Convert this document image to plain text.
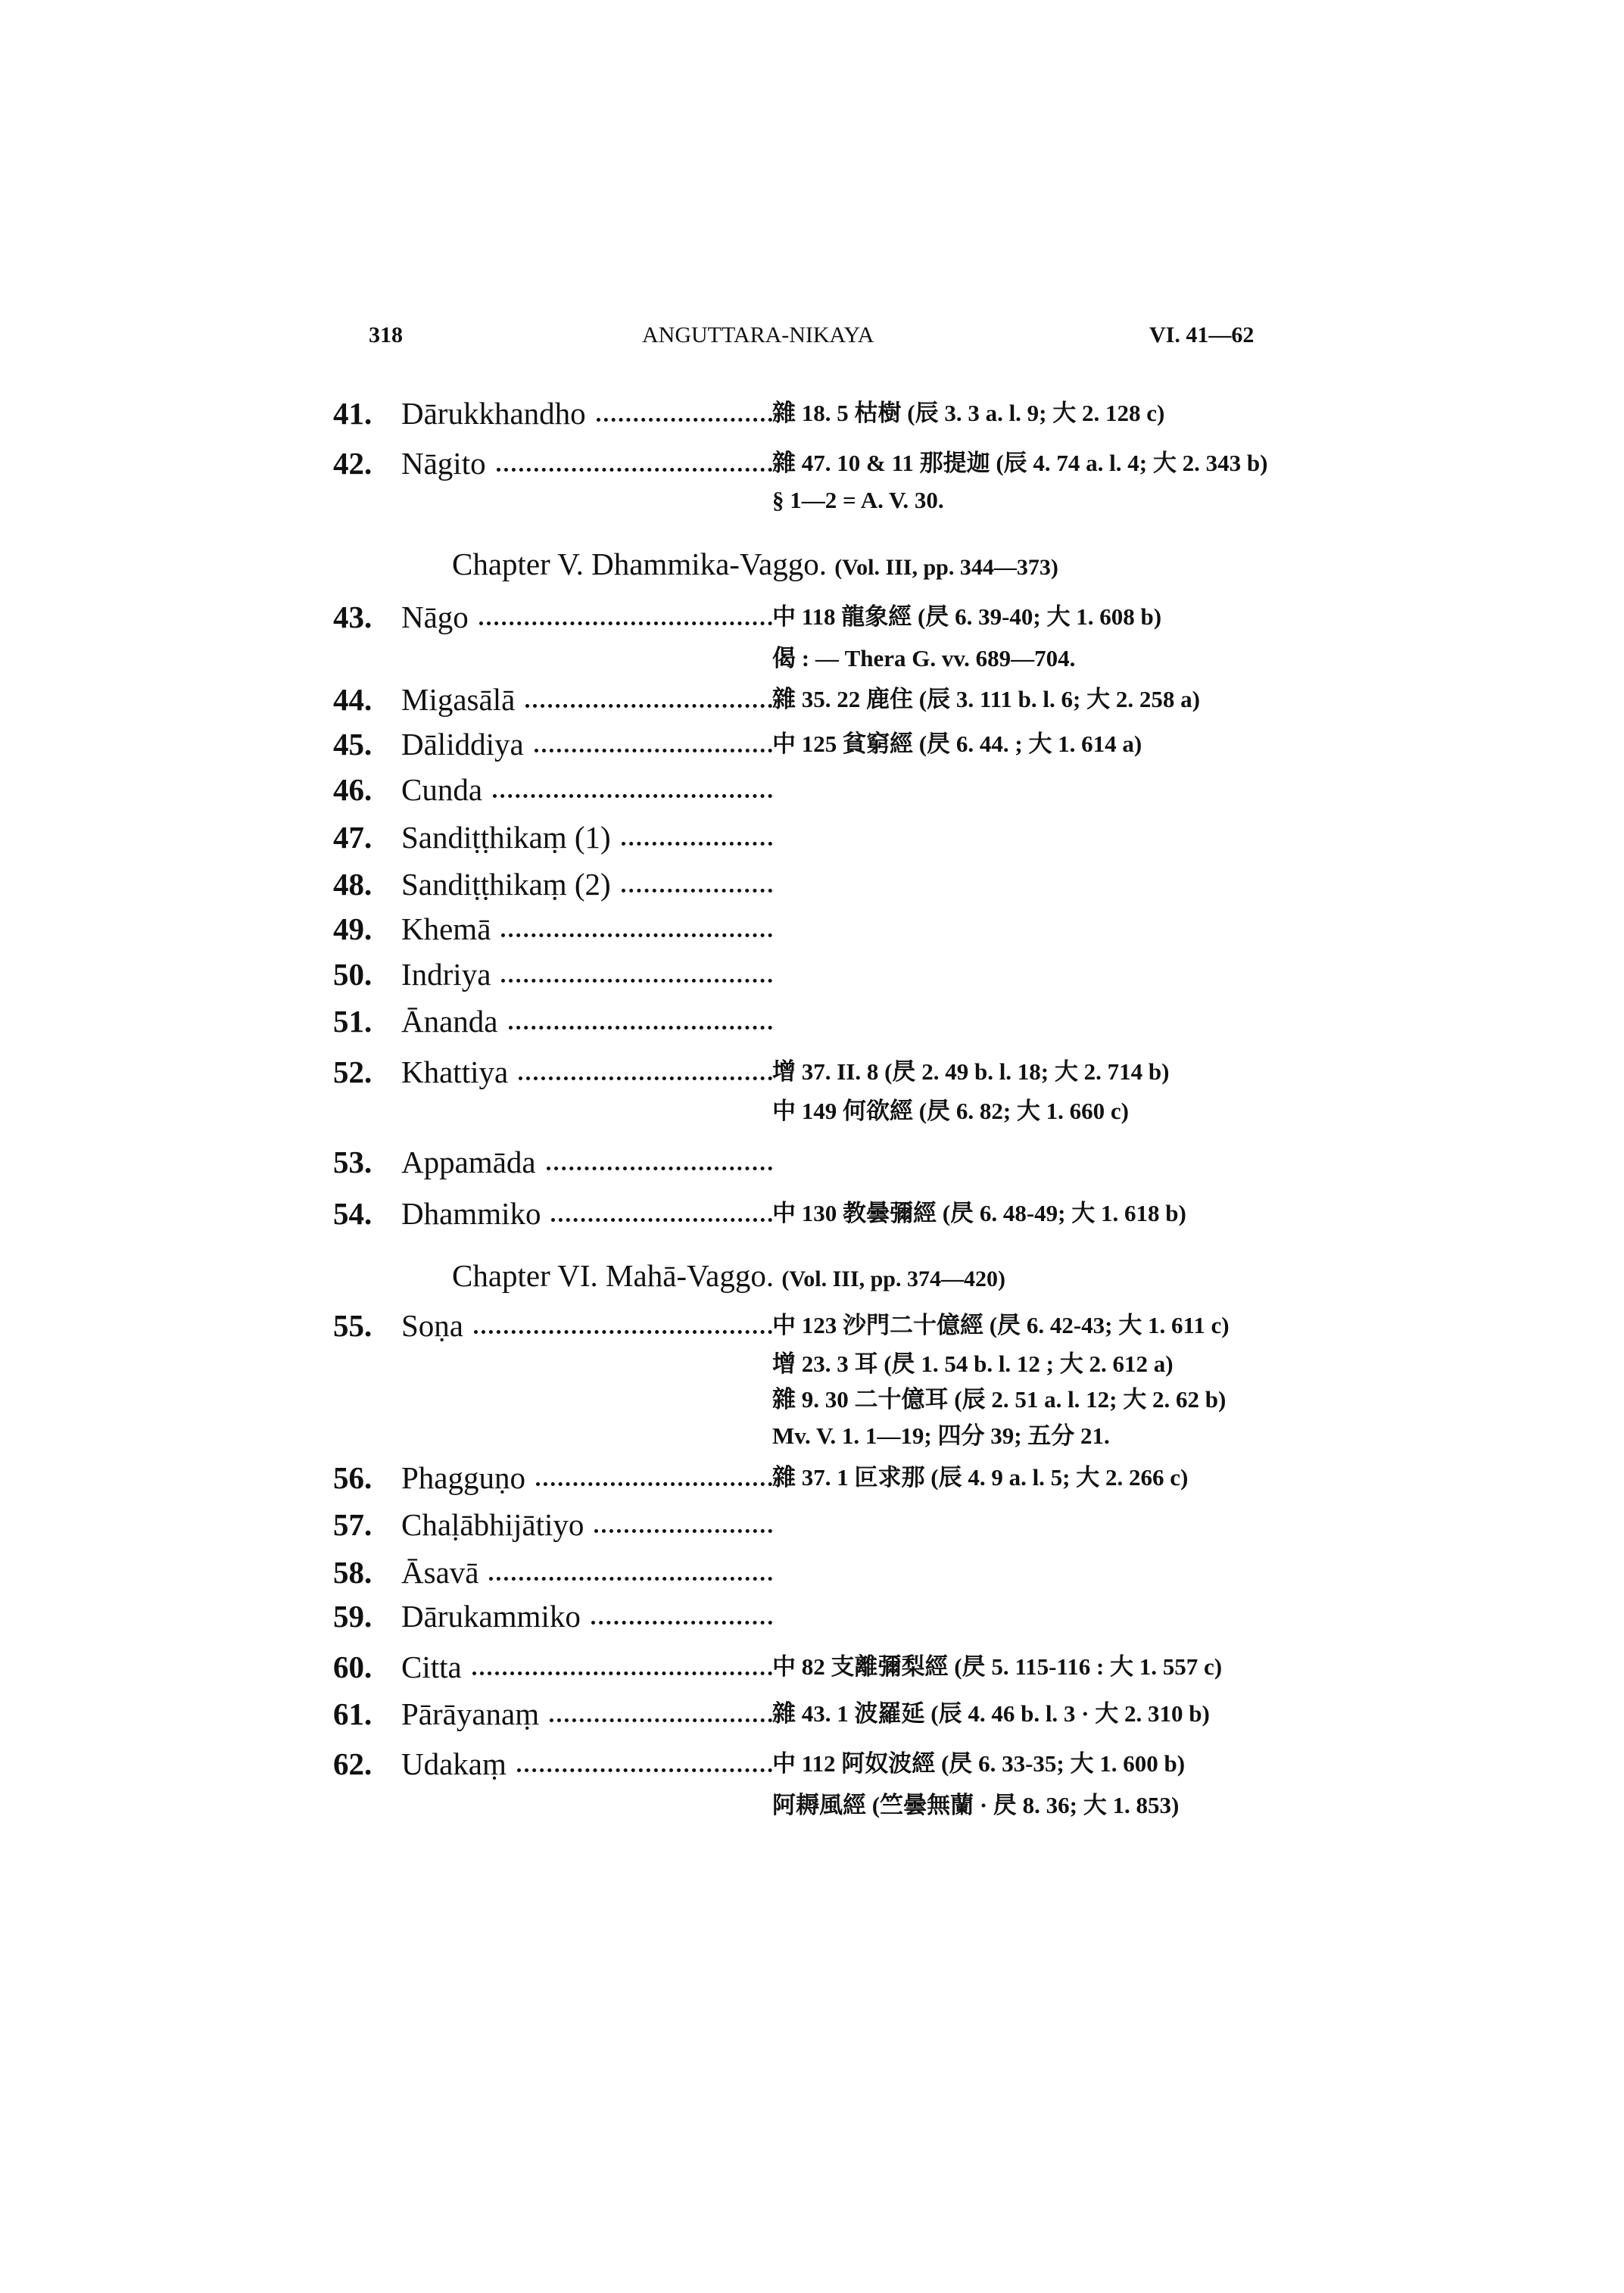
318	ANGUTTARA-NIKAYA	VI. 41—62
41. Dārukkhandho	雜 18. 5 枯樹 (辰 3. 3 a. l. 9; 大 2. 128 c)
42. Nāgito	雜 47. 10 & 11 那提迦 (辰 4. 74 a. l. 4; 大 2. 343 b)
§ 1—2 = A. V. 30.
Chapter V. Dhammika-Vaggo. (Vol. III, pp. 344—373)
43. Nāgo	中 118 龍象經 (昃 6. 39-40; 大 1. 608 b)
偈 : — Thera G. vv. 689—704.
44. Migasālā	雜 35. 22 鹿住 (辰 3. 111 b. l. 6; 大 2. 258 a)
45. Dāliddiya	中 125 貧窮經 (昃 6. 44. ; 大 1. 614 a)
46. Cunda
47. Sandiṭṭhikaṃ (1)
48. Sandiṭṭhikaṃ (2)
49. Khemā
50. Indriya
51. Ānanda
52. Khattiya	增 37. II. 8 (昃 2. 49 b. l. 18; 大 2. 714 b)
中 149 何欲經 (昃 6. 82; 大 1. 660 c)
53. Appamāda
54. Dhammiko	中 130 教曇彌經 (昃 6. 48-49; 大 1. 618 b)
Chapter VI. Mahā-Vaggo. (Vol. III, pp. 374—420)
55. Soṇa	中 123 沙門二十億經 (昃 6. 42-43; 大 1. 611 c)
增 23. 3 耳 (昃 1. 54 b. l. 12 ; 大 2. 612 a)
雜 9. 30 二十億耳 (辰 2. 51 a. l. 12; 大 2. 62 b)
Mv. V. 1. 1—19; 四分 39; 五分 21.
56. Phagguṇo	雜 37. 1 叵求那 (辰 4. 9 a. l. 5; 大 2. 266 c)
57. Chaḷābhijātiyo
58. Āsavā
59. Dārukammiko
60. Citta	中 82 支離彌梨經 (昃 5. 115-116 : 大 1. 557 c)
61. Pārāyanaṃ	雜 43. 1 波羅延 (辰 4. 46 b. l. 3 · 大 2. 310 b)
62. Udakaṃ	中 112 阿奴波經 (昃 6. 33-35; 大 1. 600 b)
阿耨風經 (竺曇無蘭 · 昃 8. 36; 大 1. 853)
